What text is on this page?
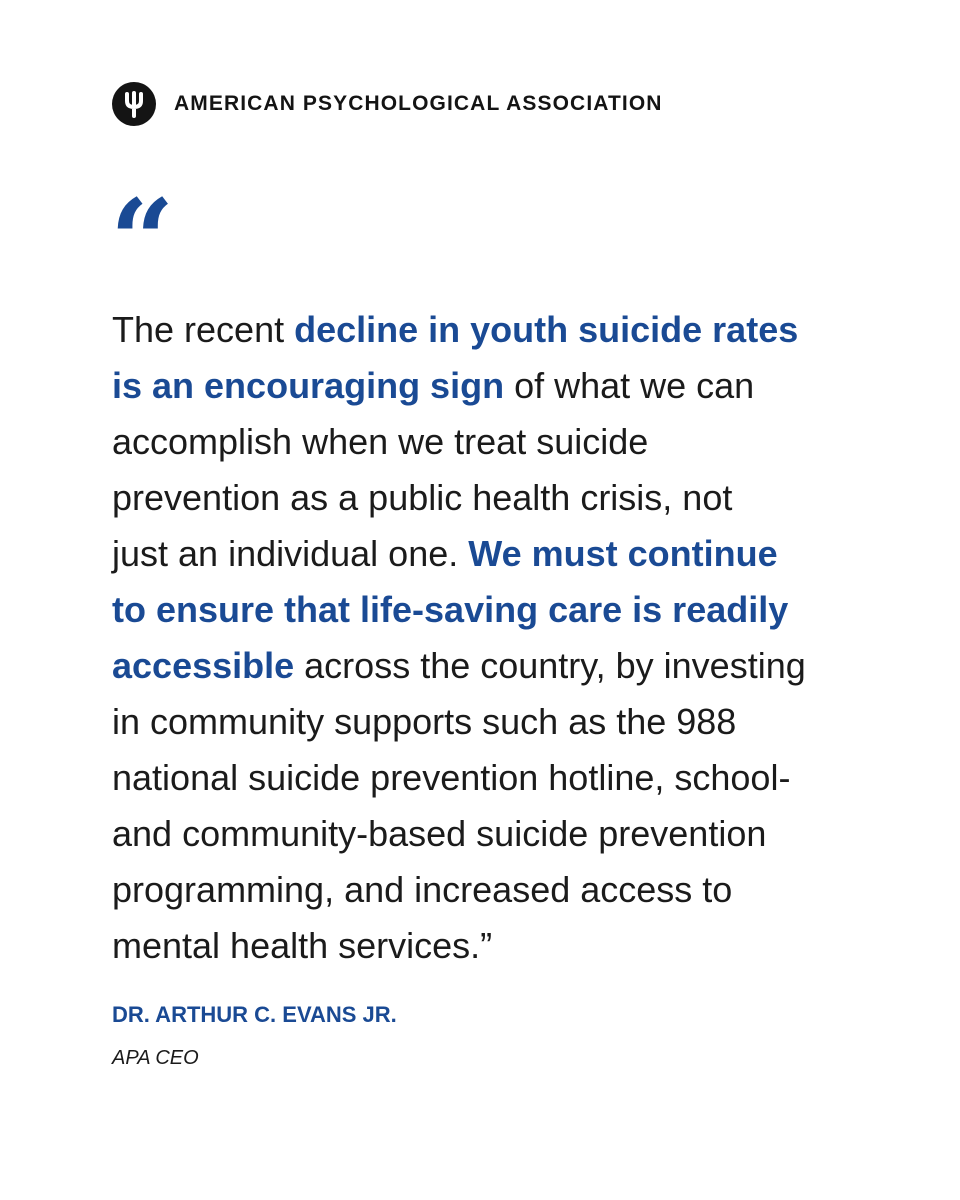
AMERICAN PSYCHOLOGICAL ASSOCIATION
“

The recent decline in youth suicide rates
is an encouraging sign of what we can
accomplish when we treat suicide
prevention as a public health crisis, not
just an individual one. We must continue
to ensure that life-saving care is readily
accessible across the country, by investing
in community supports such as the 988
national suicide prevention hotline, school-
and community-based suicide prevention
programming, and increased access to
mental health services.”

DR. ARTHUR C. EVANS JR.
APA CEO
